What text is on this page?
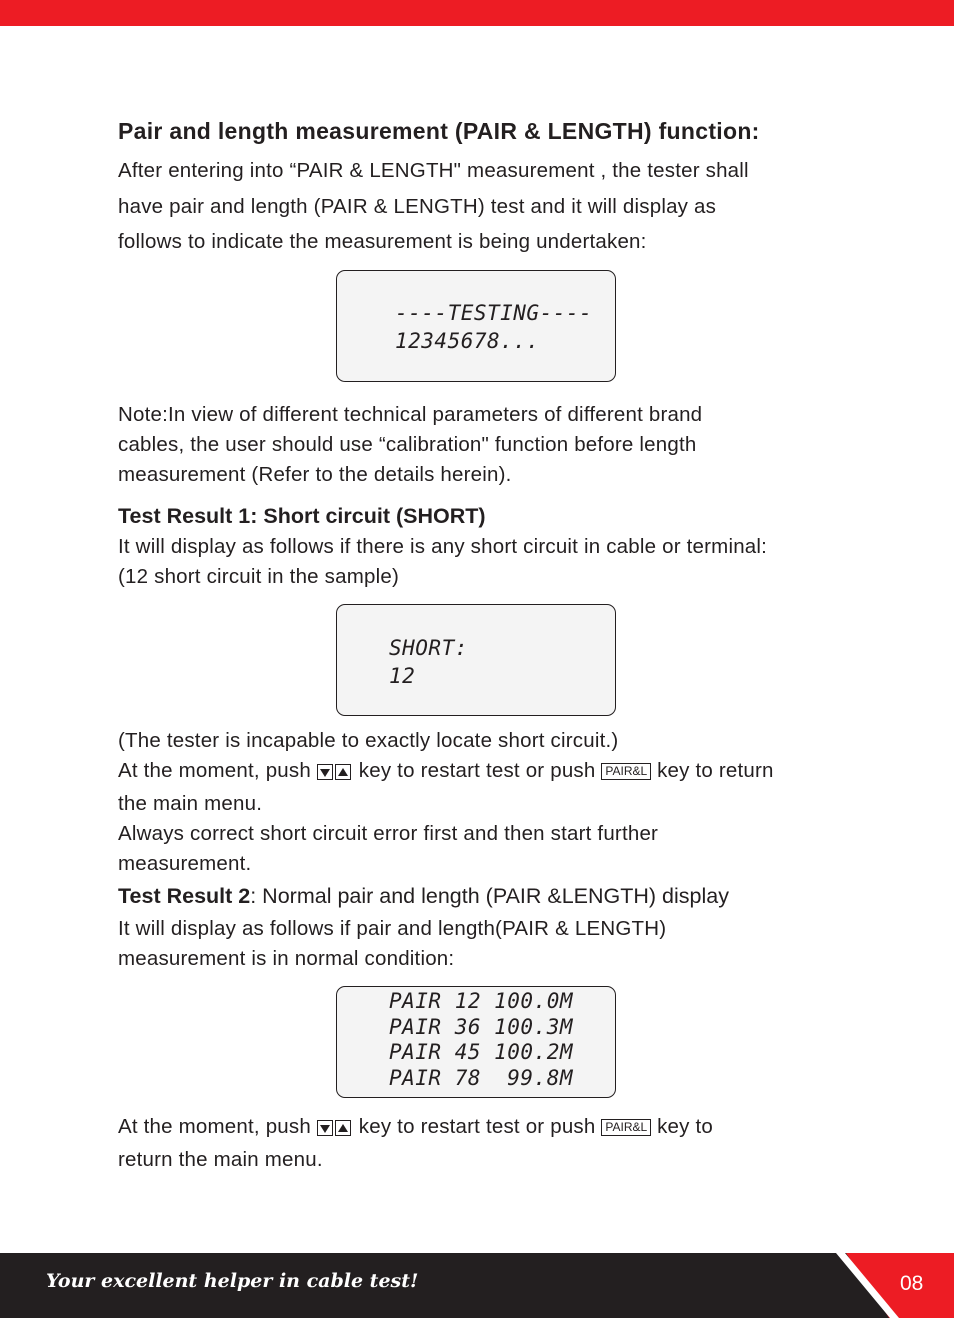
Pair and length measurement (PAIR & LENGTH) function:
After entering into “PAIR & LENGTH" measurement , the tester shall
have pair and length (PAIR & LENGTH) test and it will display as
follows to indicate the measurement is being undertaken:
Note:In view of different technical parameters of different brand
cables, the user should use “calibration" function before length
measurement (Refer to the details herein).
Test Result 1: Short circuit (SHORT)
It will display as follows if there is any short circuit in cable or terminal:
(12 short circuit in the sample)
(The tester is incapable to exactly locate short circuit.)
At the moment, push key to restart test or push PAIR&L key to return
the main menu.
Always correct short circuit error first and then start further
measurement.
Test Result 2: Normal pair and length (PAIR &LENGTH) display
It will display as follows if pair and length(PAIR & LENGTH)
measurement is in normal condition:
At the moment, push key to restart test or push PAIR&L key to
return the main menu.
----TESTING----
12345678...
SHORT:
12
PAIR 12 100.0M
PAIR 36 100.3M
PAIR 45 100.2M
PAIR 78  99.8M
Your excellent helper in cable test!	08
